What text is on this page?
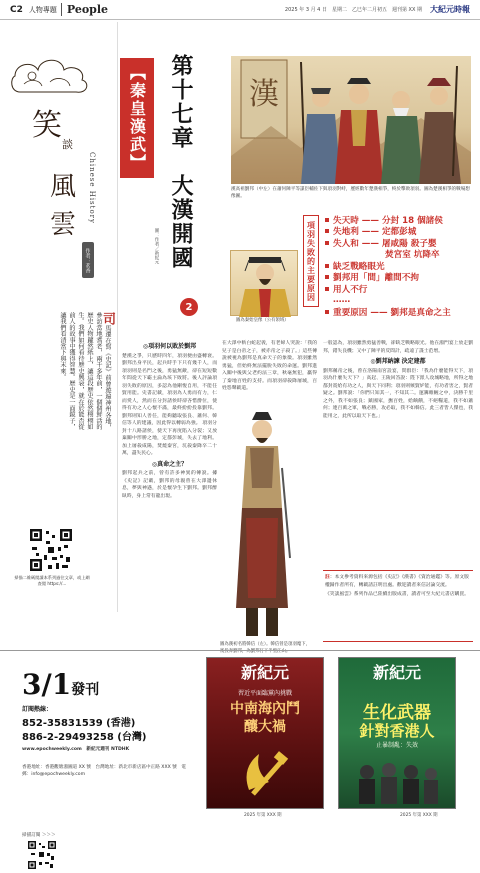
C2 人物專題 People	2025 年 3 月 4 日　星期二　乙巳年二月初五　週刊第 XX 期 大紀元時報
笑
談
風
雲
Chinese History
作者：茗香
司馬遷在寫《史記》前曾遊遍神州各地，參訪當地耆老，兩千多年前，一個個鮮活的歷史人物躍然紙上，讓這段歷史依然栩栩如生。我們如何看待歷史興衰，就在於能否從前人的故事中獲得智慧。歷史是一面鏡子，讓我們看清當下與未來。
掃描二維碼閱讀本系列過往文章，或上網查閱 https://...
【秦皇漢武】 第十七章　大漢開國
2
圖：作者／新紀元
漢
漢高祖劉邦（中左）在蕭何陳平等謀臣輔佐下與項羽對峙，歷經數年楚漢相爭，終於擊敗項羽。圖為楚漢相爭的戰場想像圖。
圖為秦始皇像（公有領域）
項羽失敗的主要原因	失天時 —— 分封 18 個諸侯
失地利 —— 定都彭城
失人和 —— 屠咸陽 殺子嬰
焚宮室 坑降卒
缺乏戰略眼光
劉邦用「間」離間不拘
用人不行
……
重要原因 —— 劉邦是真命之主
◎項羽何以敗於劉邦
楚漢之爭，只歷時四年，項羽便由盛轉衰。劉邦出身平民，起兵時手下只有幾千人，而項羽則是名門之後，勇猛無敵，卻在短短數年間從天下霸主淪為垓下敗將。後人評論項羽失敗的原因，多認為他剛愎自用，不能任賢用能。史書記載，項羽為人勇而有力，仁而愛人，然而在分封諸侯時卻吝惜爵位，使得有功之人心懷不滿，最終紛紛投靠劉邦。劉邦則知人善任，能夠聽取張良、蕭何、韓信等人的建議，因此得以轉弱為強。 項羽分封十八路諸侯，使天下再度陷入分裂；又放棄關中形勝之地，定都彭城，失去了地利。加上屠殺咸陽，焚燒秦宮，坑殺秦降卒二十萬，盡失民心。
◎真命之主？
劉邦起兵之前，曾有許多神異的傳說。據《史記》記載，劉邦的母親曾在大澤邊休息，夢與神遇，於是懷孕生下劉邦。劉邦醉臥時，身上常有龍出現。
在大澤中斬白蛇起義，有老婦人哭說：「我的兒子是白帝之子，被赤帝之子殺了。」這些傳說被視為劉邦是真命天子的象徵。項羽雖然勇猛，但始終無法擺脫失敗的命運。劉邦進入關中後與父老約法三章，秋毫無犯，贏得了秦地百姓的支持。而項羽卻殺降屠城，百姓怨聲載道。
一般認為，項羽雖然勇猛善戰，卻缺乏戰略眼光。他在鴻門宴上放走劉邦，錯失良機；又中了陳平的反間計，疏遠了謀士范增。
◎劉邦納諫 決定建都
劉邦稱帝之後，曾在洛陽南宮設宴，問群臣：「我為什麼能得天下，項羽為什麼失天下？」高起、王陵回答說：陛下派人攻城略地，所得之地都封賞給有功之人，與天下同利；項羽則嫉賢妒能，有功者害之，賢者疑之。劉邦說：「你們只知其一，不知其二。運籌帷幄之中，決勝千里之外，我不如張良；鎮國家，撫百姓，給餉饋，不絕糧道，我不如蕭何；連百萬之軍，戰必勝，攻必取，我不如韓信。此三者皆人傑也，我能用之，此所以取天下也。」
圖為漢初名將韓信（左）。韓信曾是項羽麾下，後投奔劉邦，為劉邦打下半壁江山。
註：本文參考資料來源包括《史記》《漢書》《資治通鑑》等。原文版權歸作者所有，轉載請註明出處。歡迎讀者來信討論交流。
《笑談風雲》系列作品已陸續出版成書，讀者可至大紀元書店購買。
3/1發刊
訂閱熱線：
852-35831539 (香港)
886-2-29493258 (台灣)
www.epochweekly.com　新紀元週刊 NTDHK
香港地址：香港觀塘鴻圖道 XX 號　台灣地址：新北市新店區中正路 XXX 號　電郵：info@epochweekly.com
掃描訂閱 ＞＞＞
新紀元
習近平面臨黨內挑戰
中南海內鬥
釀大禍
2025 年第 XXX 期
新紀元
生化武器
針對香港人
止暴制亂：失效
2025 年第 XXX 期
